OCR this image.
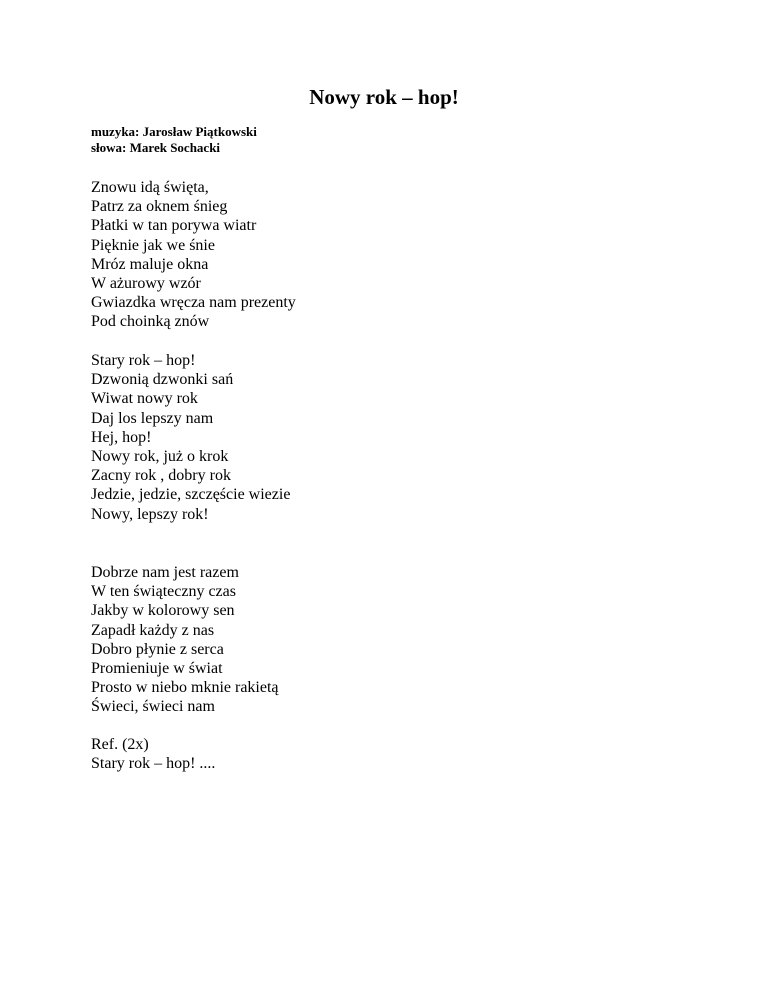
Nowy rok – hop!
muzyka: Jarosław Piątkowski
słowa: Marek Sochacki
Znowu idą święta,
Patrz za oknem śnieg
Płatki w tan porywa wiatr
Pięknie jak we śnie
Mróz maluje okna
W ażurowy wzór
Gwiazdka wręcza nam prezenty
Pod choinką znów
Stary rok – hop!
Dzwonią dzwonki sań
Wiwat nowy rok
Daj los lepszy nam
Hej, hop!
Nowy rok, już o krok
Zacny rok , dobry rok
Jedzie, jedzie, szczęście wiezie
Nowy, lepszy rok!
Dobrze nam jest razem
W ten świąteczny czas
Jakby w kolorowy sen
Zapadł każdy z nas
Dobro płynie z serca
Promieniuje w świat
Prosto w niebo mknie rakietą
Świeci, świeci nam
Ref. (2x)
Stary rok – hop! ....
